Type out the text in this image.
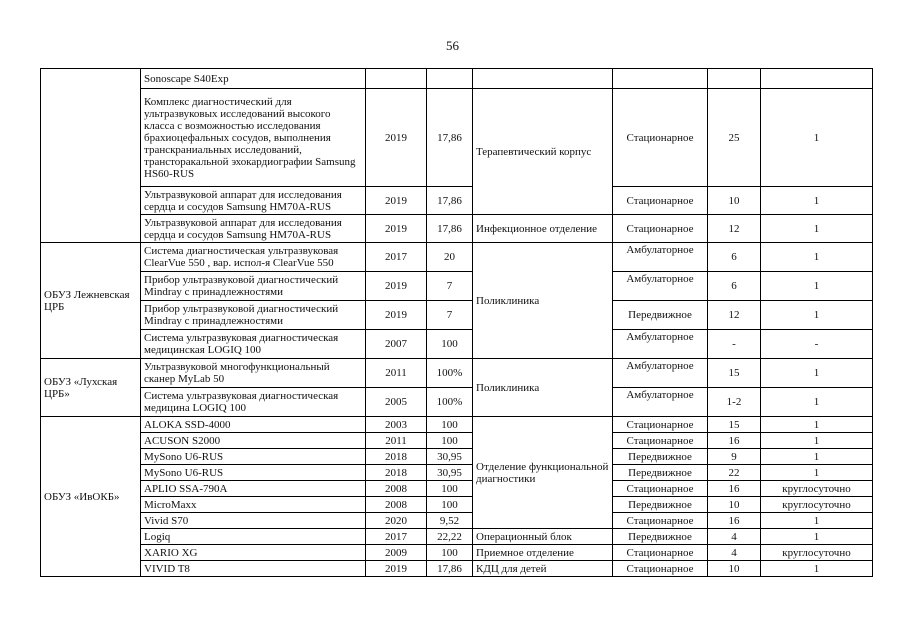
56
	Sonoscape S40Exp						
	Комплекс диагностический для ультразвуковых исследований высокого класса с возможностью исследования брахиоцефальных сосудов, выполнения транскраниальных исследований, трансторакальной эхокардиографии Samsung HS60-RUS	2019	17,86	Терапевтический корпус	Стационарное	25	1
	Ультразвуковой аппарат для исследования сердца и сосудов Samsung HM70A-RUS	2019	17,86		Стационарное	10	1
	Ультразвуковой аппарат для исследования сердца и сосудов Samsung HM70A-RUS	2019	17,86	Инфекционное отделение	Стационарное	12	1
ОБУЗ Лежневская ЦРБ	Система диагностическая ультразвуковая ClearVue 550 , вар. испол-я ClearVue 550	2017	20	Поликлиника	Амбулаторное	6	1
	Прибор ультразвуковой диагностический Mindray с принадлежностями	2019	7		Амбулаторное	6	1
	Прибор ультразвуковой диагностический Mindray с принадлежностями	2019	7		Передвижное	12	1
	Система ультразвуковая диагностическая медицинская LOGIQ 100	2007	100		Амбулаторное	-	-
ОБУЗ «Лухская ЦРБ»	Ультразвуковой многофункциональный сканер MyLab 50	2011	100%	Поликлиника	Амбулаторное	15	1
	Система ультразвуковая диагностическая медицина LOGIQ 100	2005	100%		Амбулаторное	1-2	1
ОБУЗ «ИвОКБ»	ALOKA SSD-4000	2003	100	Отделение функциональной диагностики	Стационарное	15	1
	ACUSON S2000	2011	100		Стационарное	16	1
	MySono U6-RUS	2018	30,95		Передвижное	9	1
	MySono U6-RUS	2018	30,95		Передвижное	22	1
	APLIO SSA-790A	2008	100		Стационарное	16	круглосуточно
	MicroMaxx	2008	100		Передвижное	10	круглосуточно
	Vivid S70	2020	9,52		Стационарное	16	1
	Logiq	2017	22,22	Операционный блок	Передвижное	4	1
	XARIO XG	2009	100	Приемное отделение	Стационарное	4	круглосуточно
	VIVID T8	2019	17,86	КДЦ для детей	Стационарное	10	1
